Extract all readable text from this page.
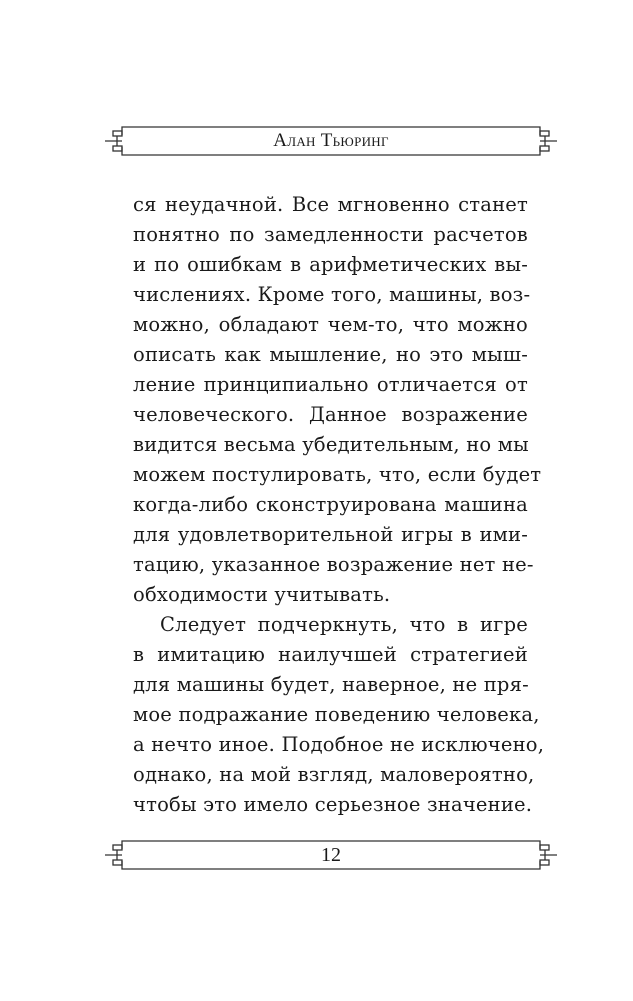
Алан Тьюринг
ся неудачной. Все мгновенно станет
понятно по замедленности расчетов
и по ошибкам в арифметических вы-
числениях. Кроме того, машины, воз-
можно, обладают чем-то, что можно
описать как мышление, но это мыш-
ление принципиально отличается от
человеческого. Данное возражение
видится весьма убедительным, но мы
можем постулировать, что, если будет
когда-либо сконструирована машина
для удовлетворительной игры в ими-
тацию, указанное возражение нет не-
обходимости учитывать.
Следует подчеркнуть, что в игре
в имитацию наилучшей стратегией
для машины будет, наверное, не пря-
мое подражание поведению человека,
а нечто иное. Подобное не исключено,
однако, на мой взгляд, маловероятно,
чтобы это имело серьезное значение.
12
